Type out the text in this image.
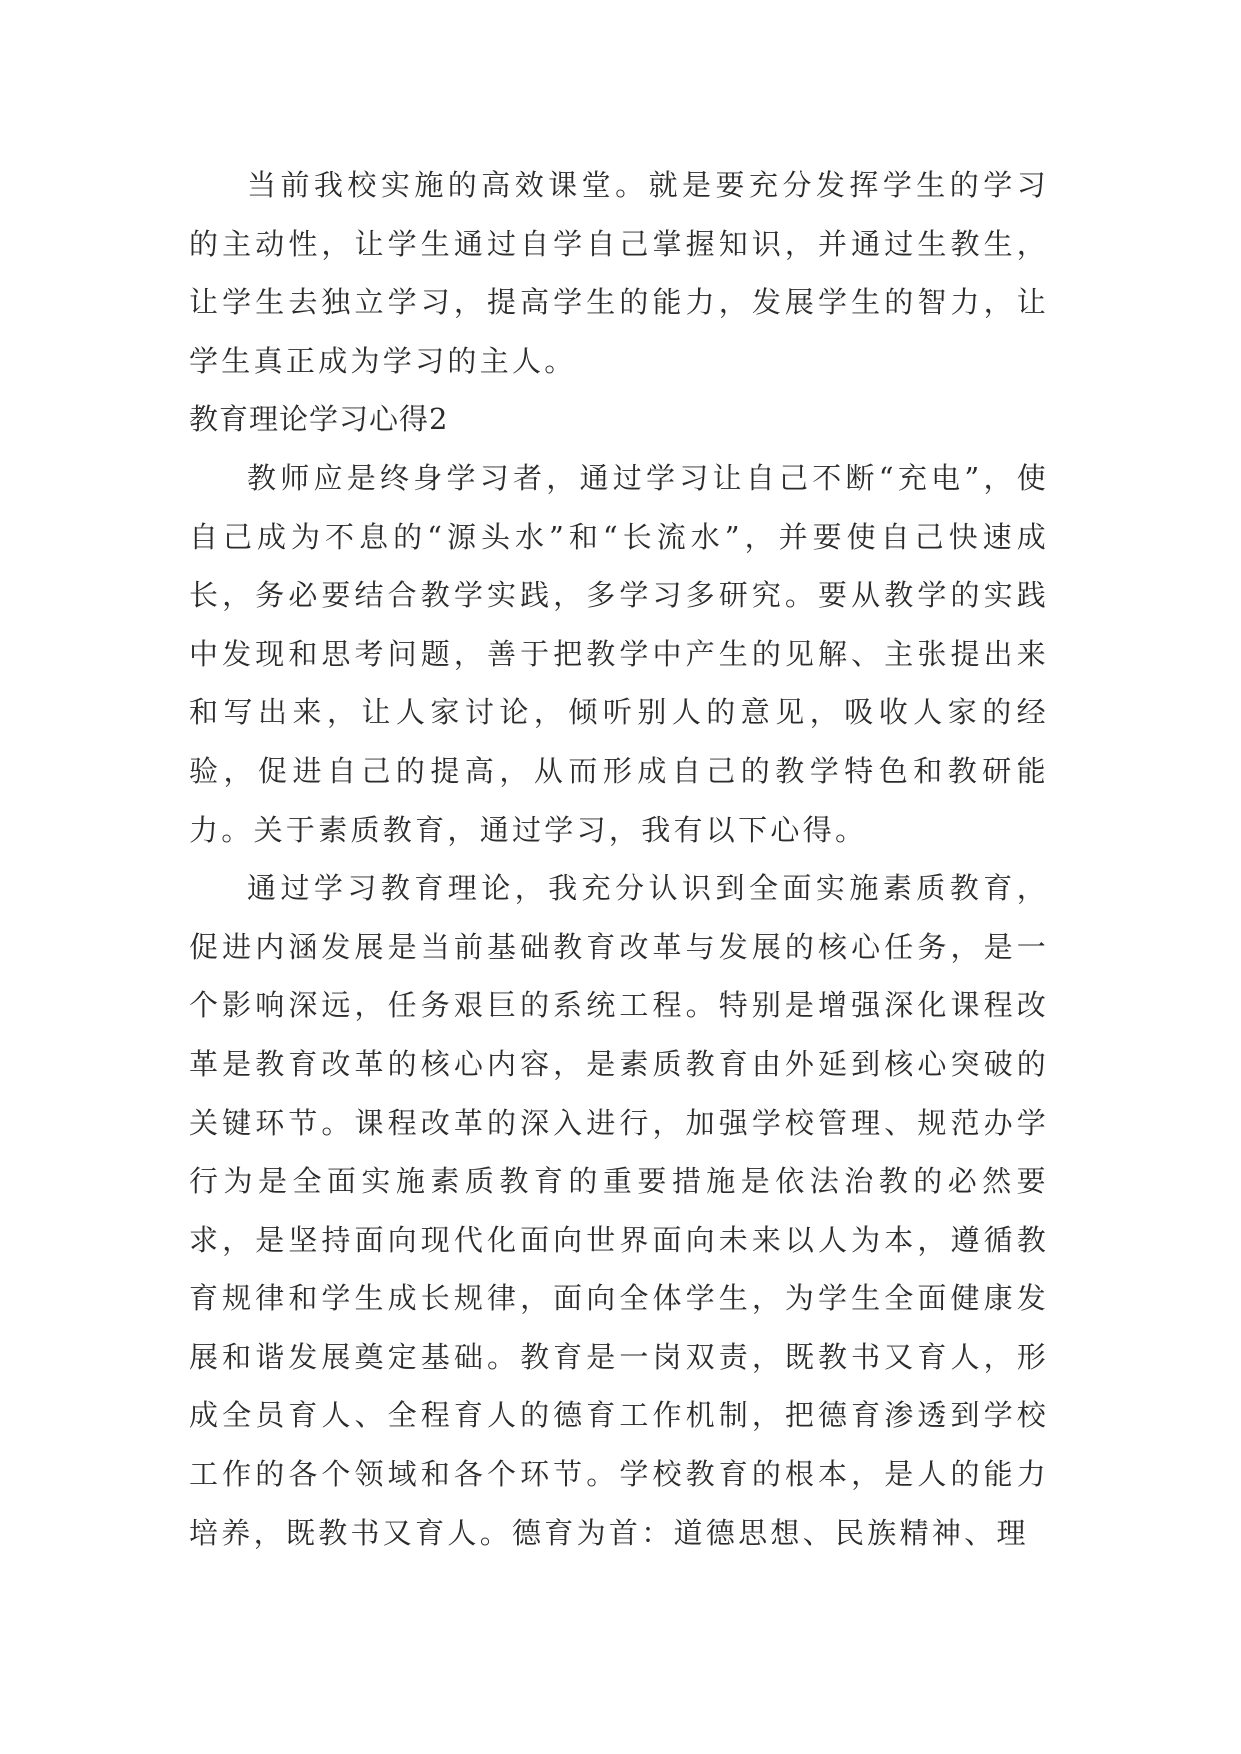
当前我校实施的高效课堂。就是要充分发挥学生的学习的主动性，让学生通过自学自己掌握知识，并通过生教生，让学生去独立学习，提高学生的能力，发展学生的智力，让学生真正成为学习的主人。

教育理论学习心得2

教师应是终身学习者，通过学习让自己不断“充电”，使自己成为不息的“源头水”和“长流水”，并要使自己快速成长，务必要结合教学实践，多学习多研究。要从教学的实践中发现和思考问题，善于把教学中产生的见解、主张提出来和写出来，让人家讨论，倾听别人的意见，吸收人家的经验，促进自己的提高，从而形成自己的教学特色和教研能力。关于素质教育，通过学习，我有以下心得。

通过学习教育理论，我充分认识到全面实施素质教育，促进内涵发展是当前基础教育改革与发展的核心任务，是一个影响深远，任务艰巨的系统工程。特别是增强深化课程改革是教育改革的核心内容，是素质教育由外延到核心突破的关键环节。课程改革的深入进行，加强学校管理、规范办学行为是全面实施素质教育的重要措施是依法治教的必然要求，是坚持面向现代化面向世界面向未来以人为本，遵循教育规律和学生成长规律，面向全体学生，为学生全面健康发展和谐发展奠定基础。教育是一岗双责，既教书又育人，形成全员育人、全程育人的德育工作机制，把德育渗透到学校工作的各个领域和各个环节。学校教育的根本，是人的能力培养，既教书又育人。德育为首：道德思想、民族精神、理
